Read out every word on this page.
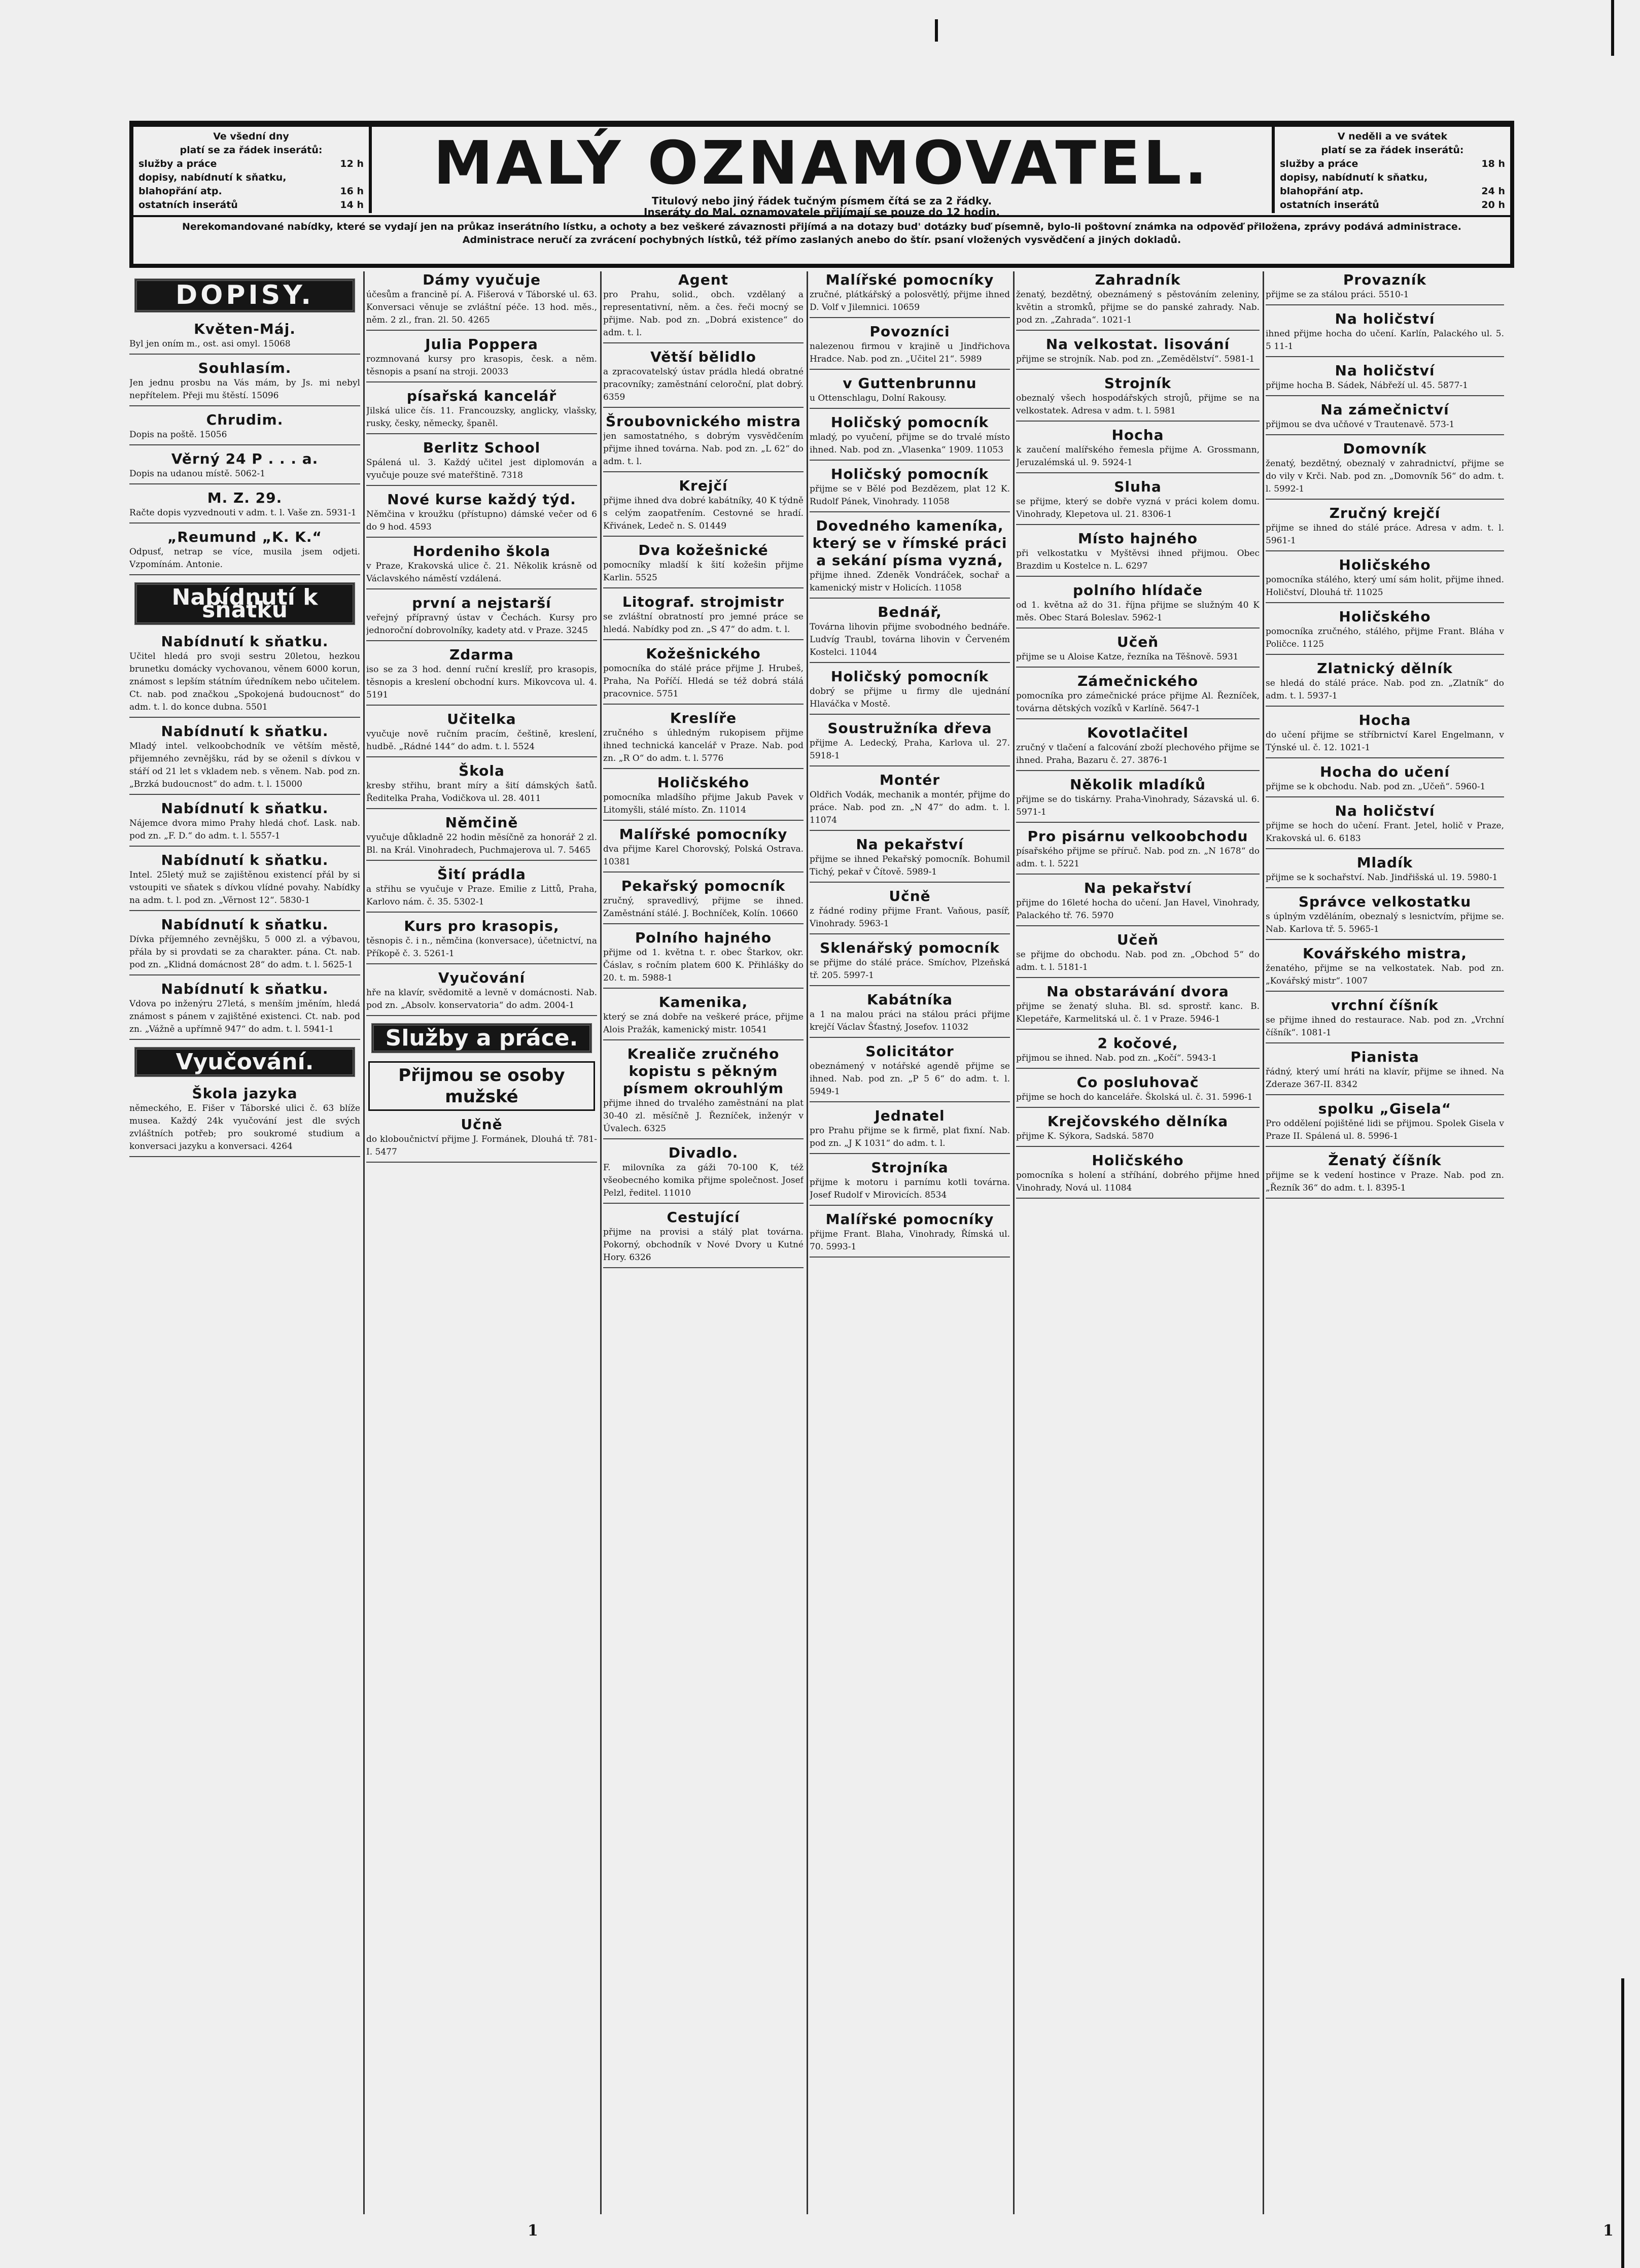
Ve všední dny
platí se za řádek inserátů:
služby a práce	12 h
dopisy, nabídnutí k sňatku,
blahopřání atp.	16 h
ostatních inserátů	14 h
MALÝ OZNAMOVATEL.
Titulový nebo jiný řádek tučným písmem čítá se za 2 řádky.
Inseráty do Mal. oznamovatele přijímají se pouze do 12 hodin.
V neděli a ve svátek
platí se za řádek inserátů:
služby a práce	18 h
dopisy, nabídnutí k sňatku,
blahopřání atp.	24 h
ostatních inserátů	20 h
Nerekomandované nabídky, které se vydají jen na průkaz inserátního lístku, a ochoty a bez veškeré závaznosti přijímá a na dotazy bud' dotázky buď písemně, bylo-li poštovní známka na odpověď přiložena, zprávy podává administrace. Administrace neručí za zvrácení pochybných lístků, též přímo zaslaných anebo do štír. psaní vložených vysvědčení a jiných dokladů.
DOPISY.
Květen-Máj.
Byl jen oním m., ost. asi omyl. 15068
Souhlasím.
Jen jednu prosbu na Vás mám, by Js. mi nebyl nepřítelem. Přeji mu štěstí. 15096
Chrudim.
Dopis na poště. 15056
Věrný 24 P . . . a.
Dopis na udanou místě. 5062-1
M. Z. 29.
Račte dopis vyzvednouti v adm. t. l. Vaše zn. 5931-1
„Reumund „K. K.“
Odpusť, netrap se více, musila jsem odjeti. Vzpomínám. Antonie.
Nabídnutí k sňatku
Nabídnutí k sňatku.
Učitel hledá pro svoji sestru 20letou, hezkou brunetku domácky vychovanou, věnem 6000 korun, známost s lepším státním úředníkem nebo učitelem. Ct. nab. pod značkou „Spokojená budoucnost“ do adm. t. l. do konce dubna. 5501
Nabídnutí k sňatku.
Mladý intel. velkoobchodník ve větším městě, přijemného zevnějšku, rád by se oženil s dívkou v stáří od 21 let s vkladem neb. s věnem. Nab. pod zn. „Brzká budoucnost“ do adm. t. l. 15000
Nabídnutí k sňatku.
Nájemce dvora mimo Prahy hledá choť. Lask. nab. pod zn. „F. D.“ do adm. t. l. 5557-1
Nabídnutí k sňatku.
Intel. 25letý muž se zajištěnou existencí přál by si vstoupiti ve sňatek s dívkou vlídné povahy. Nabídky na adm. t. l. pod zn. „Věrnost 12“. 5830-1
Nabídnutí k sňatku.
Dívka příjemného zevnějšku, 5 000 zl. a výbavou, přála by si provdati se za charakter. pána. Ct. nab. pod zn. „Klidná domácnost 28“ do adm. t. l. 5625-1
Nabídnutí k sňatku.
Vdova po inženýru 27letá, s menším jměním, hledá známost s pánem v zajištěné existenci. Ct. nab. pod zn. „Vážně a upřímně 947“ do adm. t. l. 5941-1
Vyučování.
Škola jazyka
německého, E. Fišer v Táborské ulici č. 63 blíže musea. Každý 24k vyučování jest dle svých zvláštních potřeb; pro soukromé studium a konversaci jazyku a konversaci. 4264
Dámy vyučuje
účesům a francině pí. A. Fišerová v Táborské ul. 63. Konversaci věnuje se zvláštní péče. 13 hod. měs., něm. 2 zl., fran. 2l. 50. 4265
Julia Poppera
rozmnovaná kursy pro krasopis, česk. a něm. těsnopis a psaní na stroji. 20033
písařská kancelář
Jilská ulice čís. 11. Francouzsky, anglicky, vlašsky, rusky, česky, německy, španěl.
Berlitz School
Spálená ul. 3. Každý učitel jest diplomován a vyučuje pouze své mateřštině. 7318
Nové kurse každý týd.
Němčina v kroužku (přístupno) dámské večer od 6 do 9 hod. 4593
Hordeniho škola
v Praze, Krakovská ulice č. 21. Několik krásně od Václavského náměstí vzdálená.
první a nejstarší
veřejný přípravný ústav v Čechách. Kursy pro jednoroční dobrovolníky, kadety atd. v Praze. 3245
Zdarma
iso se za 3 hod. denní ruční kreslíř, pro krasopis, těsnopis a kreslení obchodní kurs. Mikovcova ul. 4. 5191
Učitelka
vyučuje nově ručním pracím, češtině, kreslení, hudbě. „Rádné 144“ do adm. t. l. 5524
Škola
kresby střihu, brant míry a šití dámských šatů. Ředitelka Praha, Vodičkova ul. 28. 4011
Němčině
vyučuje důkladně 22 hodin měsíčně za honorář 2 zl. Bl. na Král. Vinohradech, Puchmajerova ul. 7. 5465
Šití prádla
a střihu se vyučuje v Praze. Emilie z Littů, Praha, Karlovo nám. č. 35. 5302-1
Kurs pro krasopis,
těsnopis č. i n., němčina (konversace), účetnictví, na Příkopě č. 3. 5261-1
Vyučování
hře na klavír, svědomitě a levně v domácnosti. Nab. pod zn. „Absolv. konservatoria“ do adm. 2004-1
Služby a práce.
Přijmou se osoby mužské
Učně
do kloboučnictví přijme J. Formánek, Dlouhá tř. 781-I. 5477
Agent
pro Prahu, solid., obch. vzdělaný a representativní, něm. a čes. řeči mocný se přijme. Nab. pod zn. „Dobrá existence“ do adm. t. l.
Větší bělidlo
a zpracovatelský ústav prádla hledá obratné pracovníky; zaměstnání celoroční, plat dobrý. 6359
Šroubovnického mistra
jen samostatného, s dobrým vysvědčením přijme ihned továrna. Nab. pod zn. „L 62“ do adm. t. l.
Krejčí
přijme ihned dva dobré kabátníky, 40 K týdně s celým zaopatřením. Cestovné se hradí. Křivánek, Ledeč n. S. 01449
Dva kožešnické
pomocníky mladší k šití kožešin přijme Karlin. 5525
Litograf. strojmistr
se zvláštní obratností pro jemné práce se hledá. Nabídky pod zn. „S 47“ do adm. t. l.
Kožešnického
pomocníka do stálé práce přijme J. Hrubeš, Praha, Na Poříčí. Hledá se též dobrá stálá pracovnice. 5751
Kreslíře
zručného s úhledným rukopisem přijme ihned technická kancelář v Praze. Nab. pod zn. „R O“ do adm. t. l. 5776
Holičského
pomocníka mladšího přijme Jakub Pavek v Litomyšli, stálé místo. Zn. 11014
Malířské pomocníky
dva přijme Karel Chorovský, Polská Ostrava. 10381
Pekařský pomocník
zručný, spravedlivý, přijme se ihned. Zaměstnání stálé. J. Bochníček, Kolín. 10660
Polního hajného
přijme od 1. května t. r. obec Štarkov, okr. Čáslav, s ročním platem 600 K. Přihlášky do 20. t. m. 5988-1
Kamenika,
který se zná dobře na veškeré práce, přijme Alois Pražák, kamenický mistr. 10541
Krealiče zručného kopistu s pěkným písmem okrouhlým
přijme ihned do trvalého zaměstnání na plat 30-40 zl. měsíčně J. Řezníček, inženýr v Úvalech. 6325
Divadlo.
F. milovníka za gáži 70-100 K, též všeobecného komika přijme společnost. Josef Pelzl, ředitel. 11010
Cestující
přijme na provisi a stálý plat továrna. Pokorný, obchodník v Nové Dvory u Kutné Hory. 6326
Malířské pomocníky
zručné, plátkářský a polosvětlý, přijme ihned D. Volf v Jilemnici. 10659
Povozníci
nalezenou firmou v krajině u Jindřichova Hradce. Nab. pod zn. „Učitel 21“. 5989
v Guttenbrunnu
u Ottenschlagu, Dolní Rakousy.
Holičský pomocník
mladý, po vyučení, přijme se do trvalé místo ihned. Nab. pod zn. „Vlasenka“ 1909. 11053
Holičský pomocník
přijme se v Bělé pod Bezdězem, plat 12 K. Rudolf Pánek, Vinohrady. 11058
Dovedného kameníka, který se v římské práci a sekání písma vyzná,
přijme ihned. Zdeněk Vondráček, sochař a kamenický mistr v Holicích. 11058
Bednář,
Továrna lihovin přijme svobodného bednáře. Ludvíg Traubl, továrna lihovin v Červeném Kostelci. 11044
Holičský pomocník
dobrý se přijme u firmy dle ujednání Hlaváčka v Mostě.
Soustružníka dřeva
přijme A. Ledecký, Praha, Karlova ul. 27. 5918-1
Montér
Oldřich Vodák, mechanik a montér, přijme do práce. Nab. pod zn. „N 47“ do adm. t. l. 11074
Na pekařství
přijme se ihned Pekařský pomocník. Bohumil Tichý, pekař v Čítově. 5989-1
Učně
z řádné rodiny přijme Frant. Vaňous, pasíř, Vinohrady. 5963-1
Sklenářský pomocník
se přijme do stálé práce. Smíchov, Plzeňská tř. 205. 5997-1
Kabátníka
a 1 na malou práci na stálou práci přijme krejčí Václav Šťastný, Josefov. 11032
Solicitátor
obeznámený v notářské agendě přijme se ihned. Nab. pod zn. „P 5 6“ do adm. t. l. 5949-1
Jednatel
pro Prahu přijme se k firmě, plat fixní. Nab. pod zn. „J K 1031“ do adm. t. l.
Strojníka
přijme k motoru i parnímu kotli továrna. Josef Rudolf v Mirovicích. 8534
Malířské pomocníky
přijme Frant. Blaha, Vinohrady, Římská ul. 70. 5993-1
Zahradník
ženatý, bezdětný, obeznámený s pěstováním zeleniny, květin a stromků, přijme se do panské zahrady. Nab. pod zn. „Zahrada“. 1021-1
Na velkostat. lisování
přijme se strojník. Nab. pod zn. „Zemědělství“. 5981-1
Strojník
obeznalý všech hospodářských strojů, přijme se na velkostatek. Adresa v adm. t. l. 5981
Hocha
k zaučení malířského řemesla přijme A. Grossmann, Jeruzalémská ul. 9. 5924-1
Sluha
se přijme, který se dobře vyzná v práci kolem domu. Vinohrady, Klepetova ul. 21. 8306-1
Místo hajného
při velkostatku v Myštěvsi ihned přijmou. Obec Brazdim u Kostelce n. L. 6297
polního hlídače
od 1. května až do 31. října přijme se služným 40 K měs. Obec Stará Boleslav. 5962-1
Učeň
přijme se u Aloise Katze, řezníka na Těšnově. 5931
Zámečnického
pomocníka pro zámečnické práce přijme Al. Řezníček, továrna dětských vozíků v Karlíně. 5647-1
Kovotlačitel
zručný v tlačení a falcování zboží plechového přijme se ihned. Praha, Bazaru č. 27. 3876-1
Několik mladíků
přijme se do tiskárny. Praha-Vinohrady, Sázavská ul. 6. 5971-1
Pro pisárnu velkoobchodu
písařského přijme se příruč. Nab. pod zn. „N 1678“ do adm. t. l. 5221
Na pekařství
přijme do 16leté hocha do učení. Jan Havel, Vinohrady, Palackého tř. 76. 5970
Učeň
se přijme do obchodu. Nab. pod zn. „Obchod 5“ do adm. t. l. 5181-1
Na obstarávání dvora
přijme se ženatý sluha. Bl. sd. sprostř. kanc. B. Klepetáře, Karmelitská ul. č. 1 v Praze. 5946-1
2 kočové,
přijmou se ihned. Nab. pod zn. „Kočí“. 5943-1
Co posluhovač
přijme se hoch do kanceláře. Školská ul. č. 31. 5996-1
Krejčovského dělníka
přijme K. Sýkora, Sadská. 5870
Holičského
pomocníka s holení a stříhání, dobrého přijme hned Vinohrady, Nová ul. 11084
Provazník
přijme se za stálou práci. 5510-1
Na holičství
ihned přijme hocha do učení. Karlín, Palackého ul. 5. 5 11-1
Na holičství
přijme hocha B. Sádek, Nábřeží ul. 45. 5877-1
Na zámečnictví
přijmou se dva učňové v Trautenavě. 573-1
Domovník
ženatý, bezdětný, obeznalý v zahradnictví, přijme se do vily v Krči. Nab. pod zn. „Domovník 56“ do adm. t. l. 5992-1
Zručný krejčí
přijme se ihned do stálé práce. Adresa v adm. t. l. 5961-1
Holičského
pomocníka stálého, který umí sám holit, přijme ihned. Holičství, Dlouhá tř. 11025
Holičského
pomocníka zručného, stálého, přijme Frant. Bláha v Poličce. 1125
Zlatnický dělník
se hledá do stálé práce. Nab. pod zn. „Zlatník“ do adm. t. l. 5937-1
Hocha
do učení přijme se stříbrnictví Karel Engelmann, v Týnské ul. č. 12. 1021-1
Hocha do učení
přijme se k obchodu. Nab. pod zn. „Učeň“. 5960-1
Na holičství
přijme se hoch do učení. Frant. Jetel, holič v Praze, Krakovská ul. 6. 6183
Mladík
přijme se k sochařství. Nab. Jindřišská ul. 19. 5980-1
Správce velkostatku
s úplným vzděláním, obeznalý s lesnictvím, přijme se. Nab. Karlova tř. 5. 5965-1
Kovářského mistra,
ženatého, přijme se na velkostatek. Nab. pod zn. „Kovářský mistr“. 1007
vrchní číšník
se přijme ihned do restaurace. Nab. pod zn. „Vrchní číšník“. 1081-1
Pianista
řádný, který umí hráti na klavír, přijme se ihned. Na Zderaze 367-II. 8342
spolku „Gisela“
Pro oddělení pojištěné lidi se přijmou. Spolek Gisela v Praze II. Spálená ul. 8. 5996-1
Ženatý číšník
přijme se k vedení hostince v Praze. Nab. pod zn. „Řezník 36“ do adm. t. l. 8395-1
1	1
